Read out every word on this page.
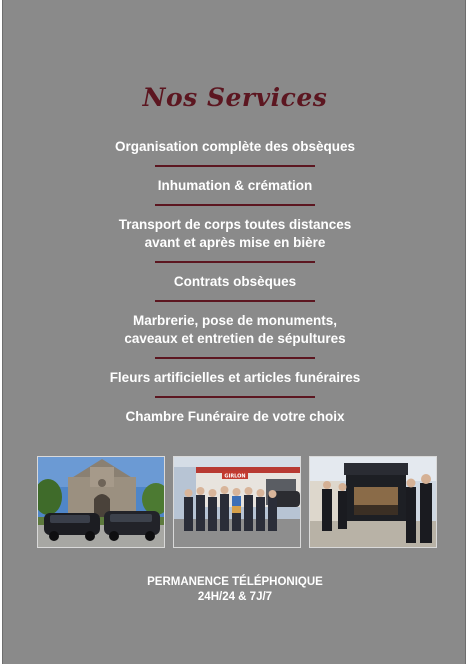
Nos Services
Organisation complète des obsèques
Inhumation & crémation
Transport de corps toutes distances
avant et après mise en bière
Contrats obsèques
Marbrerie, pose de monuments,
caveaux et entretien de sépultures
Fleurs artificielles et articles funéraires
Chambre Funéraire de votre choix
GIRLON
PERMANENCE TÉLÉPHONIQUE
24H/24 & 7J/7
